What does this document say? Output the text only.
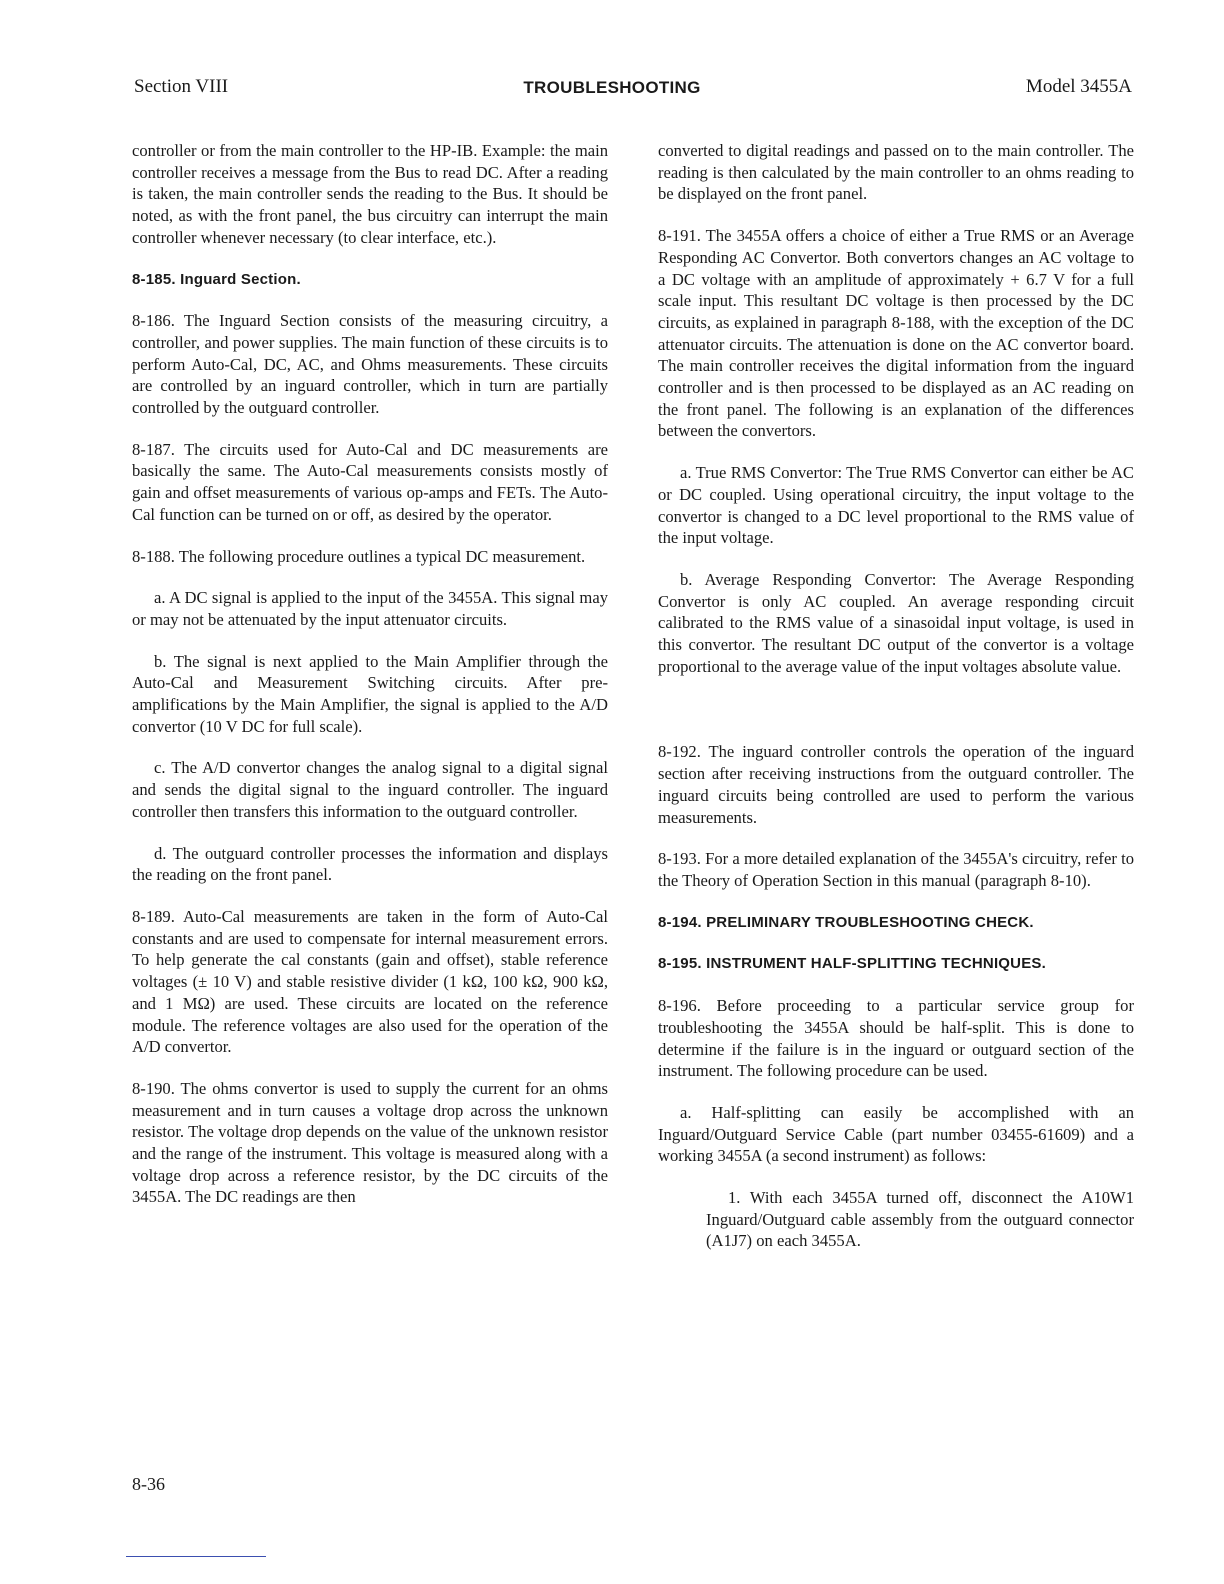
Section VIII	TROUBLESHOOTING	Model 3455A

controller or from the main controller to the HP-IB. Example: the main controller receives a message from the Bus to read DC. After a reading is taken, the main controller sends the reading to the Bus. It should be noted, as with the front panel, the bus circuitry can interrupt the main controller whenever necessary (to clear interface, etc.).

8-185. Inguard Section.

8-186. The Inguard Section consists of the measuring circuitry, a controller, and power supplies. The main function of these circuits is to perform Auto-Cal, DC, AC, and Ohms measurements. These circuits are controlled by an inguard controller, which in turn are partially controlled by the outguard controller.

8-187. The circuits used for Auto-Cal and DC measurements are basically the same. The Auto-Cal measurements consists mostly of gain and offset measurements of various op-amps and FETs. The Auto-Cal function can be turned on or off, as desired by the operator.

8-188. The following procedure outlines a typical DC measurement.

a. A DC signal is applied to the input of the 3455A. This signal may or may not be attenuated by the input attenuator circuits.

b. The signal is next applied to the Main Amplifier through the Auto-Cal and Measurement Switching circuits. After pre-amplifications by the Main Amplifier, the signal is applied to the A/D convertor (10 V DC for full scale).

c. The A/D convertor changes the analog signal to a digital signal and sends the digital signal to the inguard controller. The inguard controller then transfers this information to the outguard controller.

d. The outguard controller processes the information and displays the reading on the front panel.

8-189. Auto-Cal measurements are taken in the form of Auto-Cal constants and are used to compensate for internal measurement errors. To help generate the cal constants (gain and offset), stable reference voltages (± 10 V) and stable resistive divider (1 kΩ, 100 kΩ, 900 kΩ, and 1 MΩ) are used. These circuits are located on the reference module. The reference voltages are also used for the operation of the A/D convertor.

8-190. The ohms convertor is used to supply the current for an ohms measurement and in turn causes a voltage drop across the unknown resistor. The voltage drop depends on the value of the unknown resistor and the range of the instrument. This voltage is measured along with a voltage drop across a reference resistor, by the DC circuits of the 3455A. The DC readings are then

converted to digital readings and passed on to the main controller. The reading is then calculated by the main controller to an ohms reading to be displayed on the front panel.

8-191. The 3455A offers a choice of either a True RMS or an Average Responding AC Convertor. Both convertors changes an AC voltage to a DC voltage with an amplitude of approximately + 6.7 V for a full scale input. This resultant DC voltage is then processed by the DC circuits, as explained in paragraph 8-188, with the exception of the DC attenuator circuits. The attenuation is done on the AC convertor board. The main controller receives the digital information from the inguard controller and is then processed to be displayed as an AC reading on the front panel. The following is an explanation of the differences between the convertors.

a. True RMS Convertor: The True RMS Convertor can either be AC or DC coupled. Using operational circuitry, the input voltage to the convertor is changed to a DC level proportional to the RMS value of the input voltage.

b. Average Responding Convertor: The Average Responding Convertor is only AC coupled. An average responding circuit calibrated to the RMS value of a sinasoidal input voltage, is used in this convertor. The resultant DC output of the convertor is a voltage proportional to the average value of the input voltages absolute value.

8-192. The inguard controller controls the operation of the inguard section after receiving instructions from the outguard controller. The inguard circuits being controlled are used to perform the various measurements.

8-193. For a more detailed explanation of the 3455A's circuitry, refer to the Theory of Operation Section in this manual (paragraph 8-10).

8-194. PRELIMINARY TROUBLESHOOTING CHECK.
8-195. INSTRUMENT HALF-SPLITTING TECHNIQUES.

8-196. Before proceeding to a particular service group for troubleshooting the 3455A should be half-split. This is done to determine if the failure is in the inguard or outguard section of the instrument. The following procedure can be used.

a. Half-splitting can easily be accomplished with an Inguard/Outguard Service Cable (part number 03455-61609) and a working 3455A (a second instrument) as follows:

1. With each 3455A turned off, disconnect the A10W1 Inguard/Outguard cable assembly from the outguard connector (A1J7) on each 3455A.

8-36
